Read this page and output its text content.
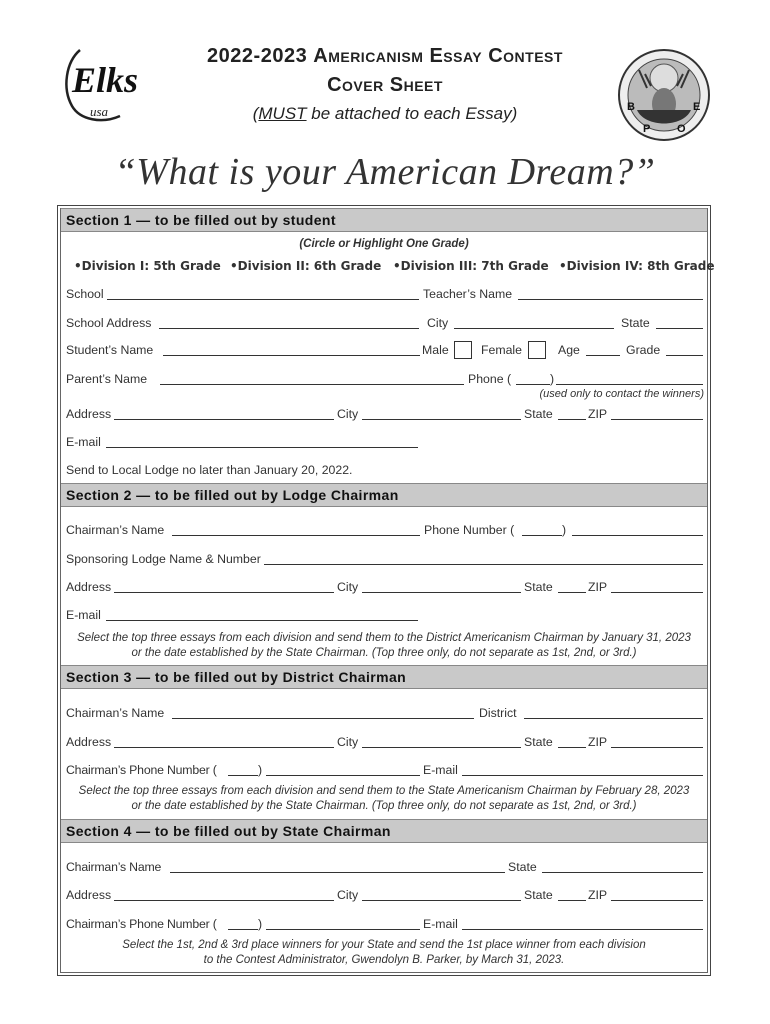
Elks
usa
2022-2023 Americanism Essay Contest
Cover Sheet
(MUST be attached to each Essay)	B
P O
E
“What is your American Dream?”
Section 1 — to be filled out by student
(Circle or Highlight One Grade)
•Division I: 5th Grade •Division II: 6th Grade •Division III: 7th Grade •Division IV: 8th Grade
School	Teacher’s Name
School Address	City	State
Student’s Name	Male	Female	Age	Grade
Parent’s Name	Phone (	)
(used only to contact the winners)
Address	City	State	ZIP
E-mail
Send to Local Lodge no later than January 20, 2022.
Section 2 — to be filled out by Lodge Chairman
Chairman’s Name	Phone Number (	)
Sponsoring Lodge Name & Number
Address	City	State	ZIP
E-mail
Select the top three essays from each division and send them to the District Americanism Chairman by January 31, 2023
or the date established by the State Chairman. (Top three only, do not separate as 1st, 2nd, or 3rd.)
Section 3 — to be filled out by District Chairman
Chairman’s Name	District
Address	City	State	ZIP
Chairman’s Phone Number (	)	E-mail
Select the top three essays from each division and send them to the State Americanism Chairman by February 28, 2023
or the date established by the State Chairman. (Top three only, do not separate as 1st, 2nd, or 3rd.)
Section 4 — to be filled out by State Chairman
Chairman’s Name	State
Address	City	State	ZIP
Chairman’s Phone Number (	)	E-mail
Select the 1st, 2nd & 3rd place winners for your State and send the 1st place winner from each division
to the Contest Administrator, Gwendolyn B. Parker, by March 31, 2023.
